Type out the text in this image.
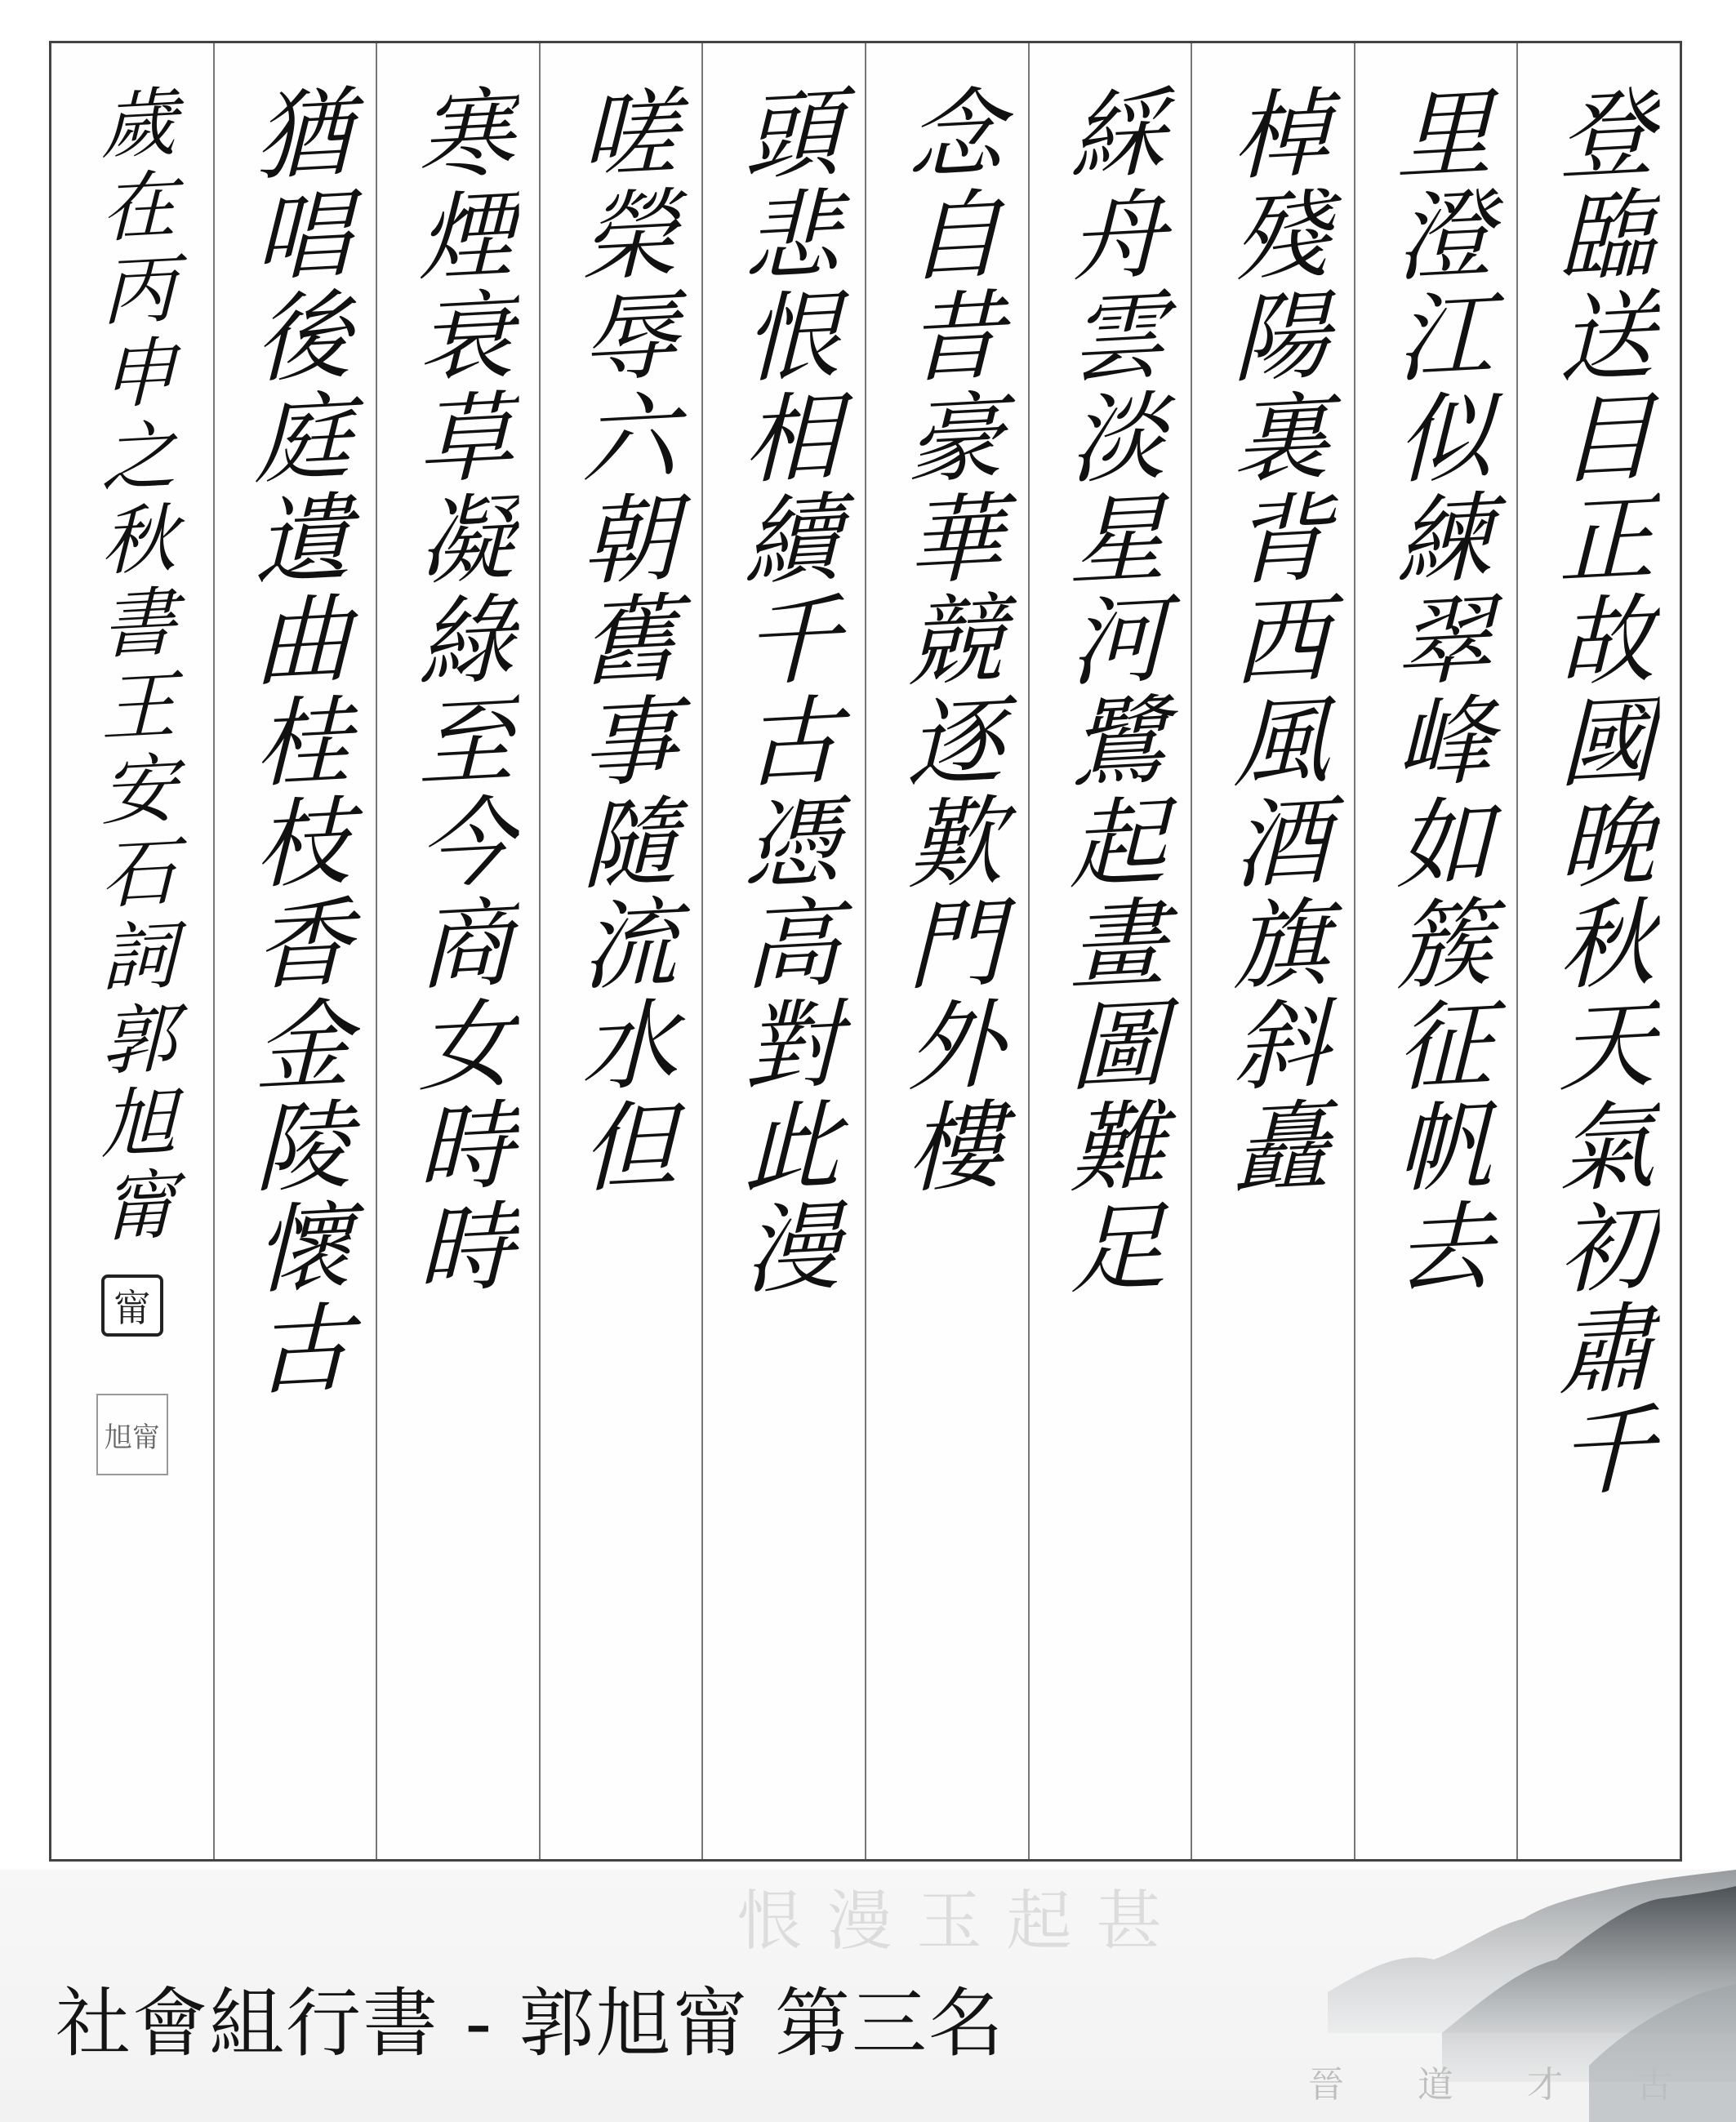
登臨送目正故國晚秋天氣初肅千
里澄江似練翠峰如簇征帆去
棹殘陽裏背西風酒旗斜矗
綵舟雲淡星河鷺起畫圖難足
念自昔豪華競逐歎門外樓
頭悲恨相續千古憑高對此漫
嗟榮辱六朝舊事隨流水但
寒煙衰草凝綠至今商女時時
猶唱後庭遺曲桂枝香金陵懷古
歲在丙申之秋書王安石詞郭旭甯
甯
旭甯
甚 起 玉 漫 恨
晉 道 才 古
社會組行書 - 郭旭甯 第三名
